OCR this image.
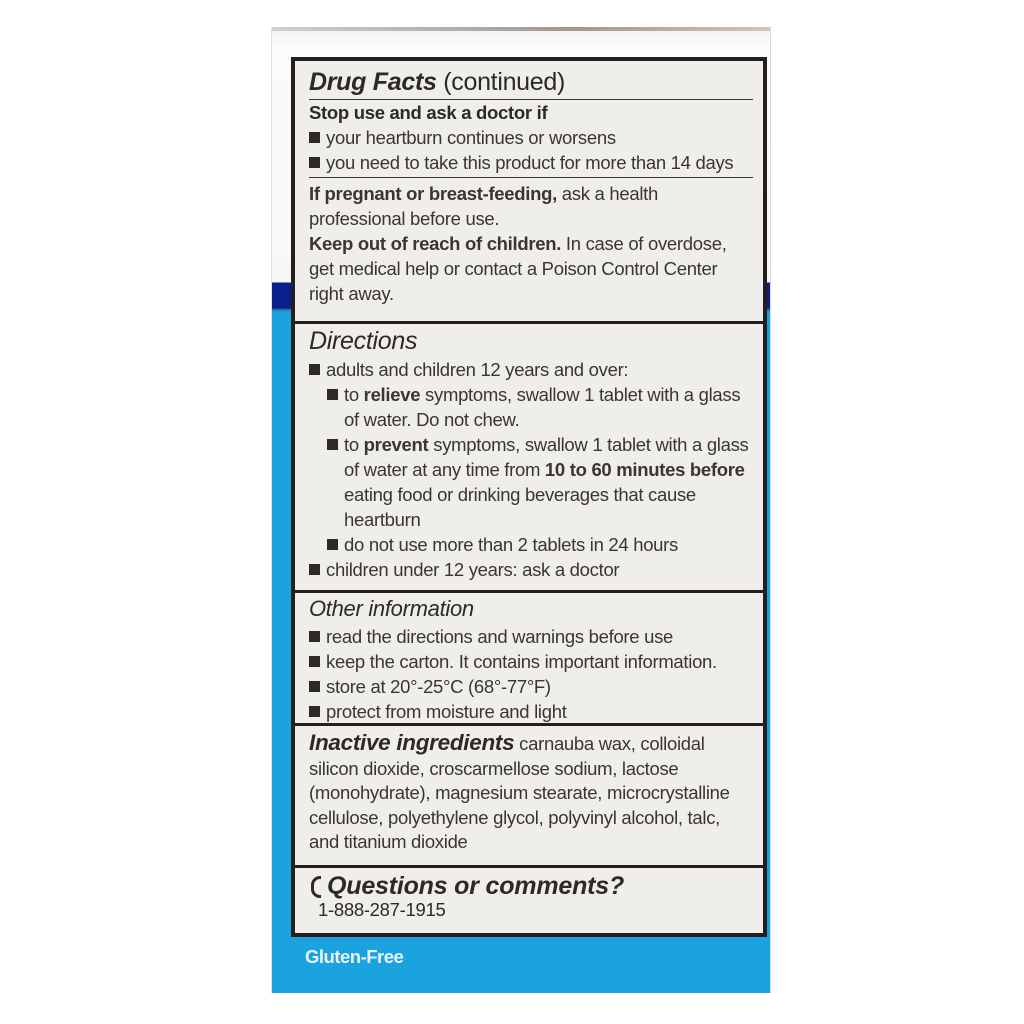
Drug Facts (continued)
Stop use and ask a doctor if
your heartburn continues or worsens
you need to take this product for more than 14 days
If pregnant or breast-feeding, ask a health professional before use.
Keep out of reach of children. In case of overdose, get medical help or contact a Poison Control Center right away.
Directions
adults and children 12 years and over:
to relieve symptoms, swallow 1 tablet with a glass of water. Do not chew.
to prevent symptoms, swallow 1 tablet with a glass of water at any time from 10 to 60 minutes before eating food or drinking beverages that cause heartburn
do not use more than 2 tablets in 24 hours
children under 12 years: ask a doctor
Other information
read the directions and warnings before use
keep the carton. It contains important information.
store at 20°-25°C (68°-77°F)
protect from moisture and light
Inactive ingredients carnauba wax, colloidal silicon dioxide, croscarmellose sodium, lactose (monohydrate), magnesium stearate, microcrystalline cellulose, polyethylene glycol, polyvinyl alcohol, talc, and titanium dioxide
Questions or comments?
1-888-287-1915
Gluten-Free
